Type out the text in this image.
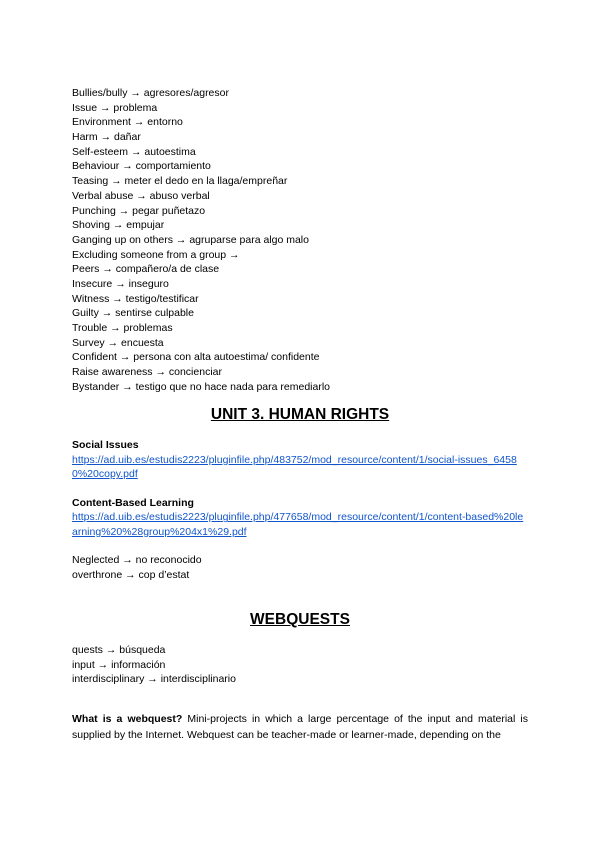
Bullies/bully → agresores/agresor
Issue → problema
Environment → entorno
Harm → dañar
Self-esteem → autoestima
Behaviour → comportamiento
Teasing → meter el dedo en la llaga/empreñar
Verbal abuse → abuso verbal
Punching → pegar puñetazo
Shoving → empujar
Ganging up on others → agruparse para algo malo
Excluding someone from a group →
Peers → compañero/a de clase
Insecure → inseguro
Witness → testigo/testificar
Guilty → sentirse culpable
Trouble → problemas
Survey → encuesta
Confident → persona con alta autoestima/ confidente
Raise awareness → concienciar
Bystander → testigo que no hace nada para remediarlo
UNIT 3. HUMAN RIGHTS
Social Issues
https://ad.uib.es/estudis2223/pluginfile.php/483752/mod_resource/content/1/social-issues_64580%20copy.pdf
Content-Based Learning
https://ad.uib.es/estudis2223/pluginfile.php/477658/mod_resource/content/1/content-based%20learning%20%28group%204x1%29.pdf
Neglected → no reconocido
overthrone → cop d’estat
WEBQUESTS
quests → búsqueda
input → información
interdisciplinary → interdisciplinario
What is a webquest? Mini-projects in which a large percentage of the input and material is supplied by the Internet. Webquest can be teacher-made or learner-made, depending on the
